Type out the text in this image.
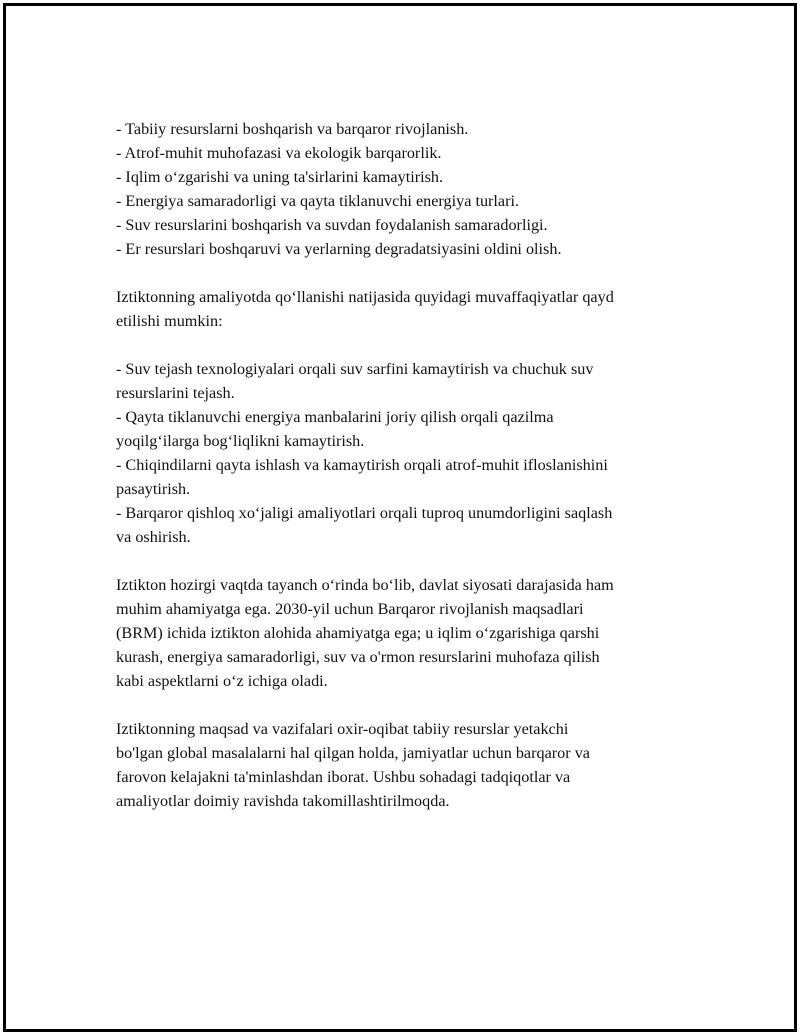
- Tabiiy resurslarni boshqarish va barqaror rivojlanish.
- Atrof-muhit muhofazasi va ekologik barqarorlik.
- Iqlim o‘zgarishi va uning ta'sirlarini kamaytirish.
- Energiya samaradorligi va qayta tiklanuvchi energiya turlari.
- Suv resurslarini boshqarish va suvdan foydalanish samaradorligi.
- Er resurslari boshqaruvi va yerlarning degradatsiyasini oldini olish.
Iztiktonning amaliyotda qo‘llanishi natijasida quyidagi muvaffaqiyatlar qayd
etilishi mumkin:
- Suv tejash texnologiyalari orqali suv sarfini kamaytirish va chuchuk suv
resurslarini tejash.
- Qayta tiklanuvchi energiya manbalarini joriy qilish orqali qazilma
yoqilg‘ilarga bog‘liqlikni kamaytirish.
- Chiqindilarni qayta ishlash va kamaytirish orqali atrof-muhit ifloslanishini
pasaytirish.
- Barqaror qishloq xo‘jaligi amaliyotlari orqali tuproq unumdorligini saqlash
va oshirish.
Iztikton hozirgi vaqtda tayanch o‘rinda bo‘lib, davlat siyosati darajasida ham
muhim ahamiyatga ega. 2030-yil uchun Barqaror rivojlanish maqsadlari
(BRM) ichida iztikton alohida ahamiyatga ega; u iqlim o‘zgarishiga qarshi
kurash, energiya samaradorligi, suv va o'rmon resurslarini muhofaza qilish
kabi aspektlarni o‘z ichiga oladi.
Iztiktonning maqsad va vazifalari oxir-oqibat tabiiy resurslar yetakchi
bo'lgan global masalalarni hal qilgan holda, jamiyatlar uchun barqaror va
farovon kelajakni ta'minlashdan iborat. Ushbu sohadagi tadqiqotlar va
amaliyotlar doimiy ravishda takomillashtirilmoqda.
